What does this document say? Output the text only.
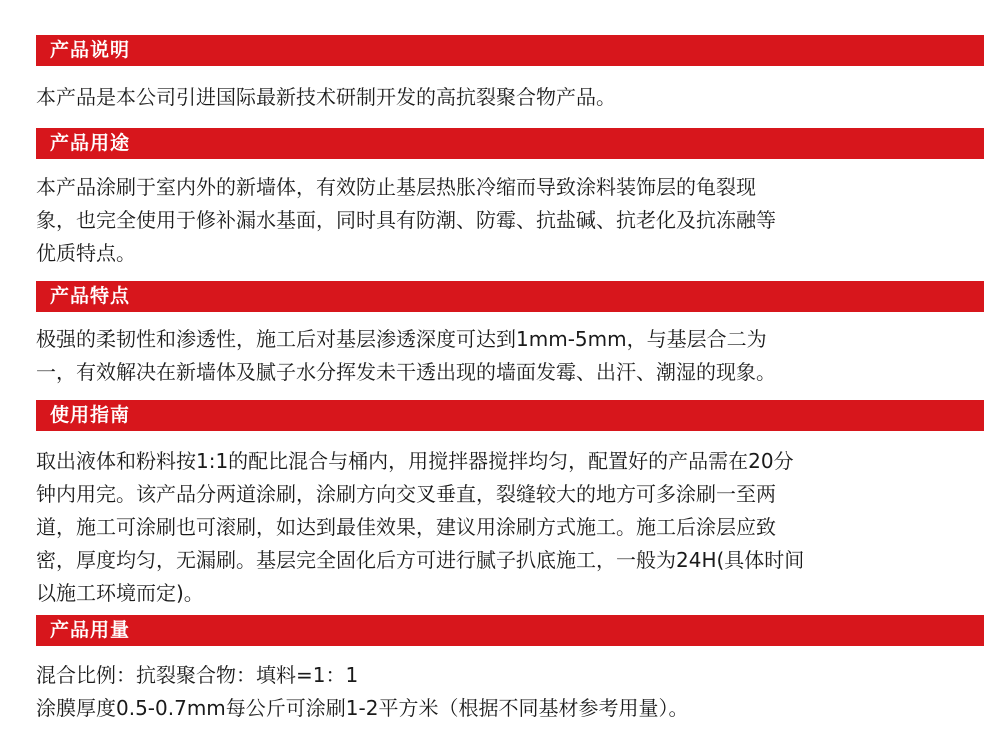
产品说明
本产品是本公司引进国际最新技术研制开发的高抗裂聚合物产品。
产品用途
本产品涂刷于室内外的新墙体，有效防止基层热胀冷缩而导致涂料装饰层的龟裂现
象，也完全使用于修补漏水基面，同时具有防潮、防霉、抗盐碱、抗老化及抗冻融等
优质特点。
产品特点
极强的柔韧性和渗透性，施工后对基层渗透深度可达到1mm-5mm，与基层合二为
一，有效解决在新墙体及腻子水分挥发未干透出现的墙面发霉、出汗、潮湿的现象。
使用指南
取出液体和粉料按1:1的配比混合与桶内，用搅拌器搅拌均匀，配置好的产品需在20分
钟内用完。该产品分两道涂刷，涂刷方向交叉垂直，裂缝较大的地方可多涂刷一至两
道，施工可涂刷也可滚刷，如达到最佳效果，建议用涂刷方式施工。施工后涂层应致
密，厚度均匀，无漏刷。基层完全固化后方可进行腻子扒底施工，一般为24H(具体时间
以施工环境而定)。
产品用量
混合比例：抗裂聚合物：填料=1：1
涂膜厚度0.5-0.7mm每公斤可涂刷1-2平方米（根据不同基材参考用量）。
